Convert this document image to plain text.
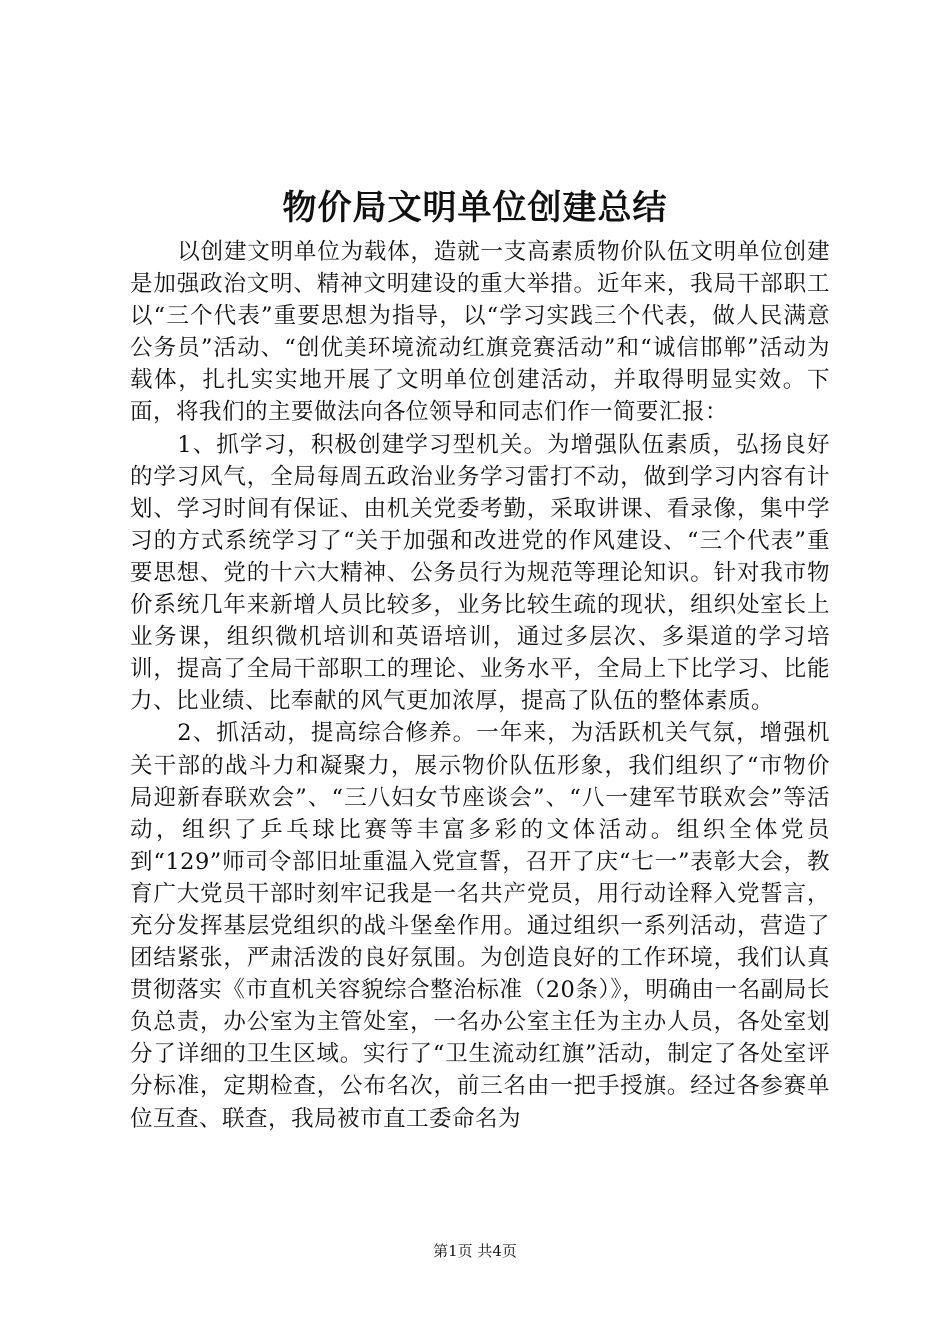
物价局文明单位创建总结

以创建文明单位为载体，造就一支高素质物价队伍文明单位创建是加强政治文明、精神文明建设的重大举措。近年来，我局干部职工以“三个代表”重要思想为指导，以“学习实践三个代表，做人民满意公务员”活动、“创优美环境流动红旗竞赛活动”和“诚信邯郸”活动为载体，扎扎实实地开展了文明单位创建活动，并取得明显实效。下面，将我们的主要做法向各位领导和同志们作一简要汇报：

1、抓学习，积极创建学习型机关。为增强队伍素质，弘扬良好的学习风气，全局每周五政治业务学习雷打不动，做到学习内容有计划、学习时间有保证、由机关党委考勤，采取讲课、看录像，集中学习的方式系统学习了“关于加强和改进党的作风建设、“三个代表”重要思想、党的十六大精神、公务员行为规范等理论知识。针对我市物价系统几年来新增人员比较多，业务比较生疏的现状，组织处室长上业务课，组织微机培训和英语培训，通过多层次、多渠道的学习培训，提高了全局干部职工的理论、业务水平，全局上下比学习、比能力、比业绩、比奉献的风气更加浓厚，提高了队伍的整体素质。

2、抓活动，提高综合修养。一年来，为活跃机关气氛，增强机关干部的战斗力和凝聚力，展示物价队伍形象，我们组织了“市物价局迎新春联欢会”、“三八妇女节座谈会”、“八一建军节联欢会”等活动，组织了乒乓球比赛等丰富多彩的文体活动。组织全体党员到“129”师司令部旧址重温入党宣誓，召开了庆“七一”表彰大会，教育广大党员干部时刻牢记我是一名共产党员，用行动诠释入党誓言，充分发挥基层党组织的战斗堡垒作用。通过组织一系列活动，营造了团结紧张，严肃活泼的良好氛围。为创造良好的工作环境，我们认真贯彻落实《市直机关容貌综合整治标准（20条）》，明确由一名副局长负总责，办公室为主管处室，一名办公室主任为主办人员，各处室划分了详细的卫生区域。实行了“卫生流动红旗”活动，制定了各处室评分标准，定期检查，公布名次，前三名由一把手授旗。经过各参赛单位互查、联查，我局被市直工委命名为

第1页 共4页
